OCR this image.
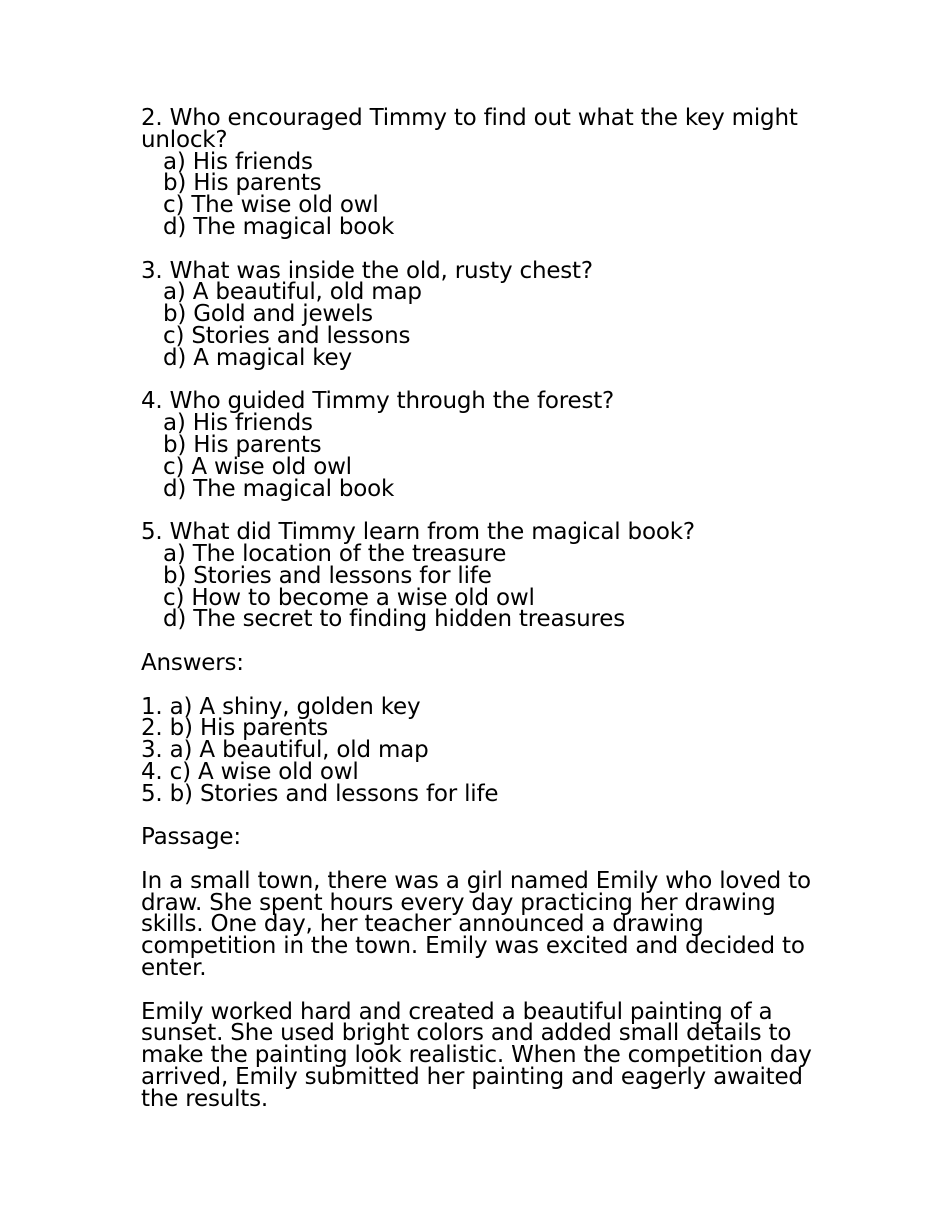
2. Who encouraged Timmy to find out what the key might unlock?
a) His friends
b) His parents
c) The wise old owl
d) The magical book
3. What was inside the old, rusty chest?
a) A beautiful, old map
b) Gold and jewels
c) Stories and lessons
d) A magical key
4. Who guided Timmy through the forest?
a) His friends
b) His parents
c) A wise old owl
d) The magical book
5. What did Timmy learn from the magical book?
a) The location of the treasure
b) Stories and lessons for life
c) How to become a wise old owl
d) The secret to finding hidden treasures
Answers:
1. a) A shiny, golden key
2. b) His parents
3. a) A beautiful, old map
4. c) A wise old owl
5. b) Stories and lessons for life
Passage:
In a small town, there was a girl named Emily who loved to draw. She spent hours every day practicing her drawing skills. One day, her teacher announced a drawing competition in the town. Emily was excited and decided to enter.
Emily worked hard and created a beautiful painting of a sunset. She used bright colors and added small details to make the painting look realistic. When the competition day arrived, Emily submitted her painting and eagerly awaited the results.
